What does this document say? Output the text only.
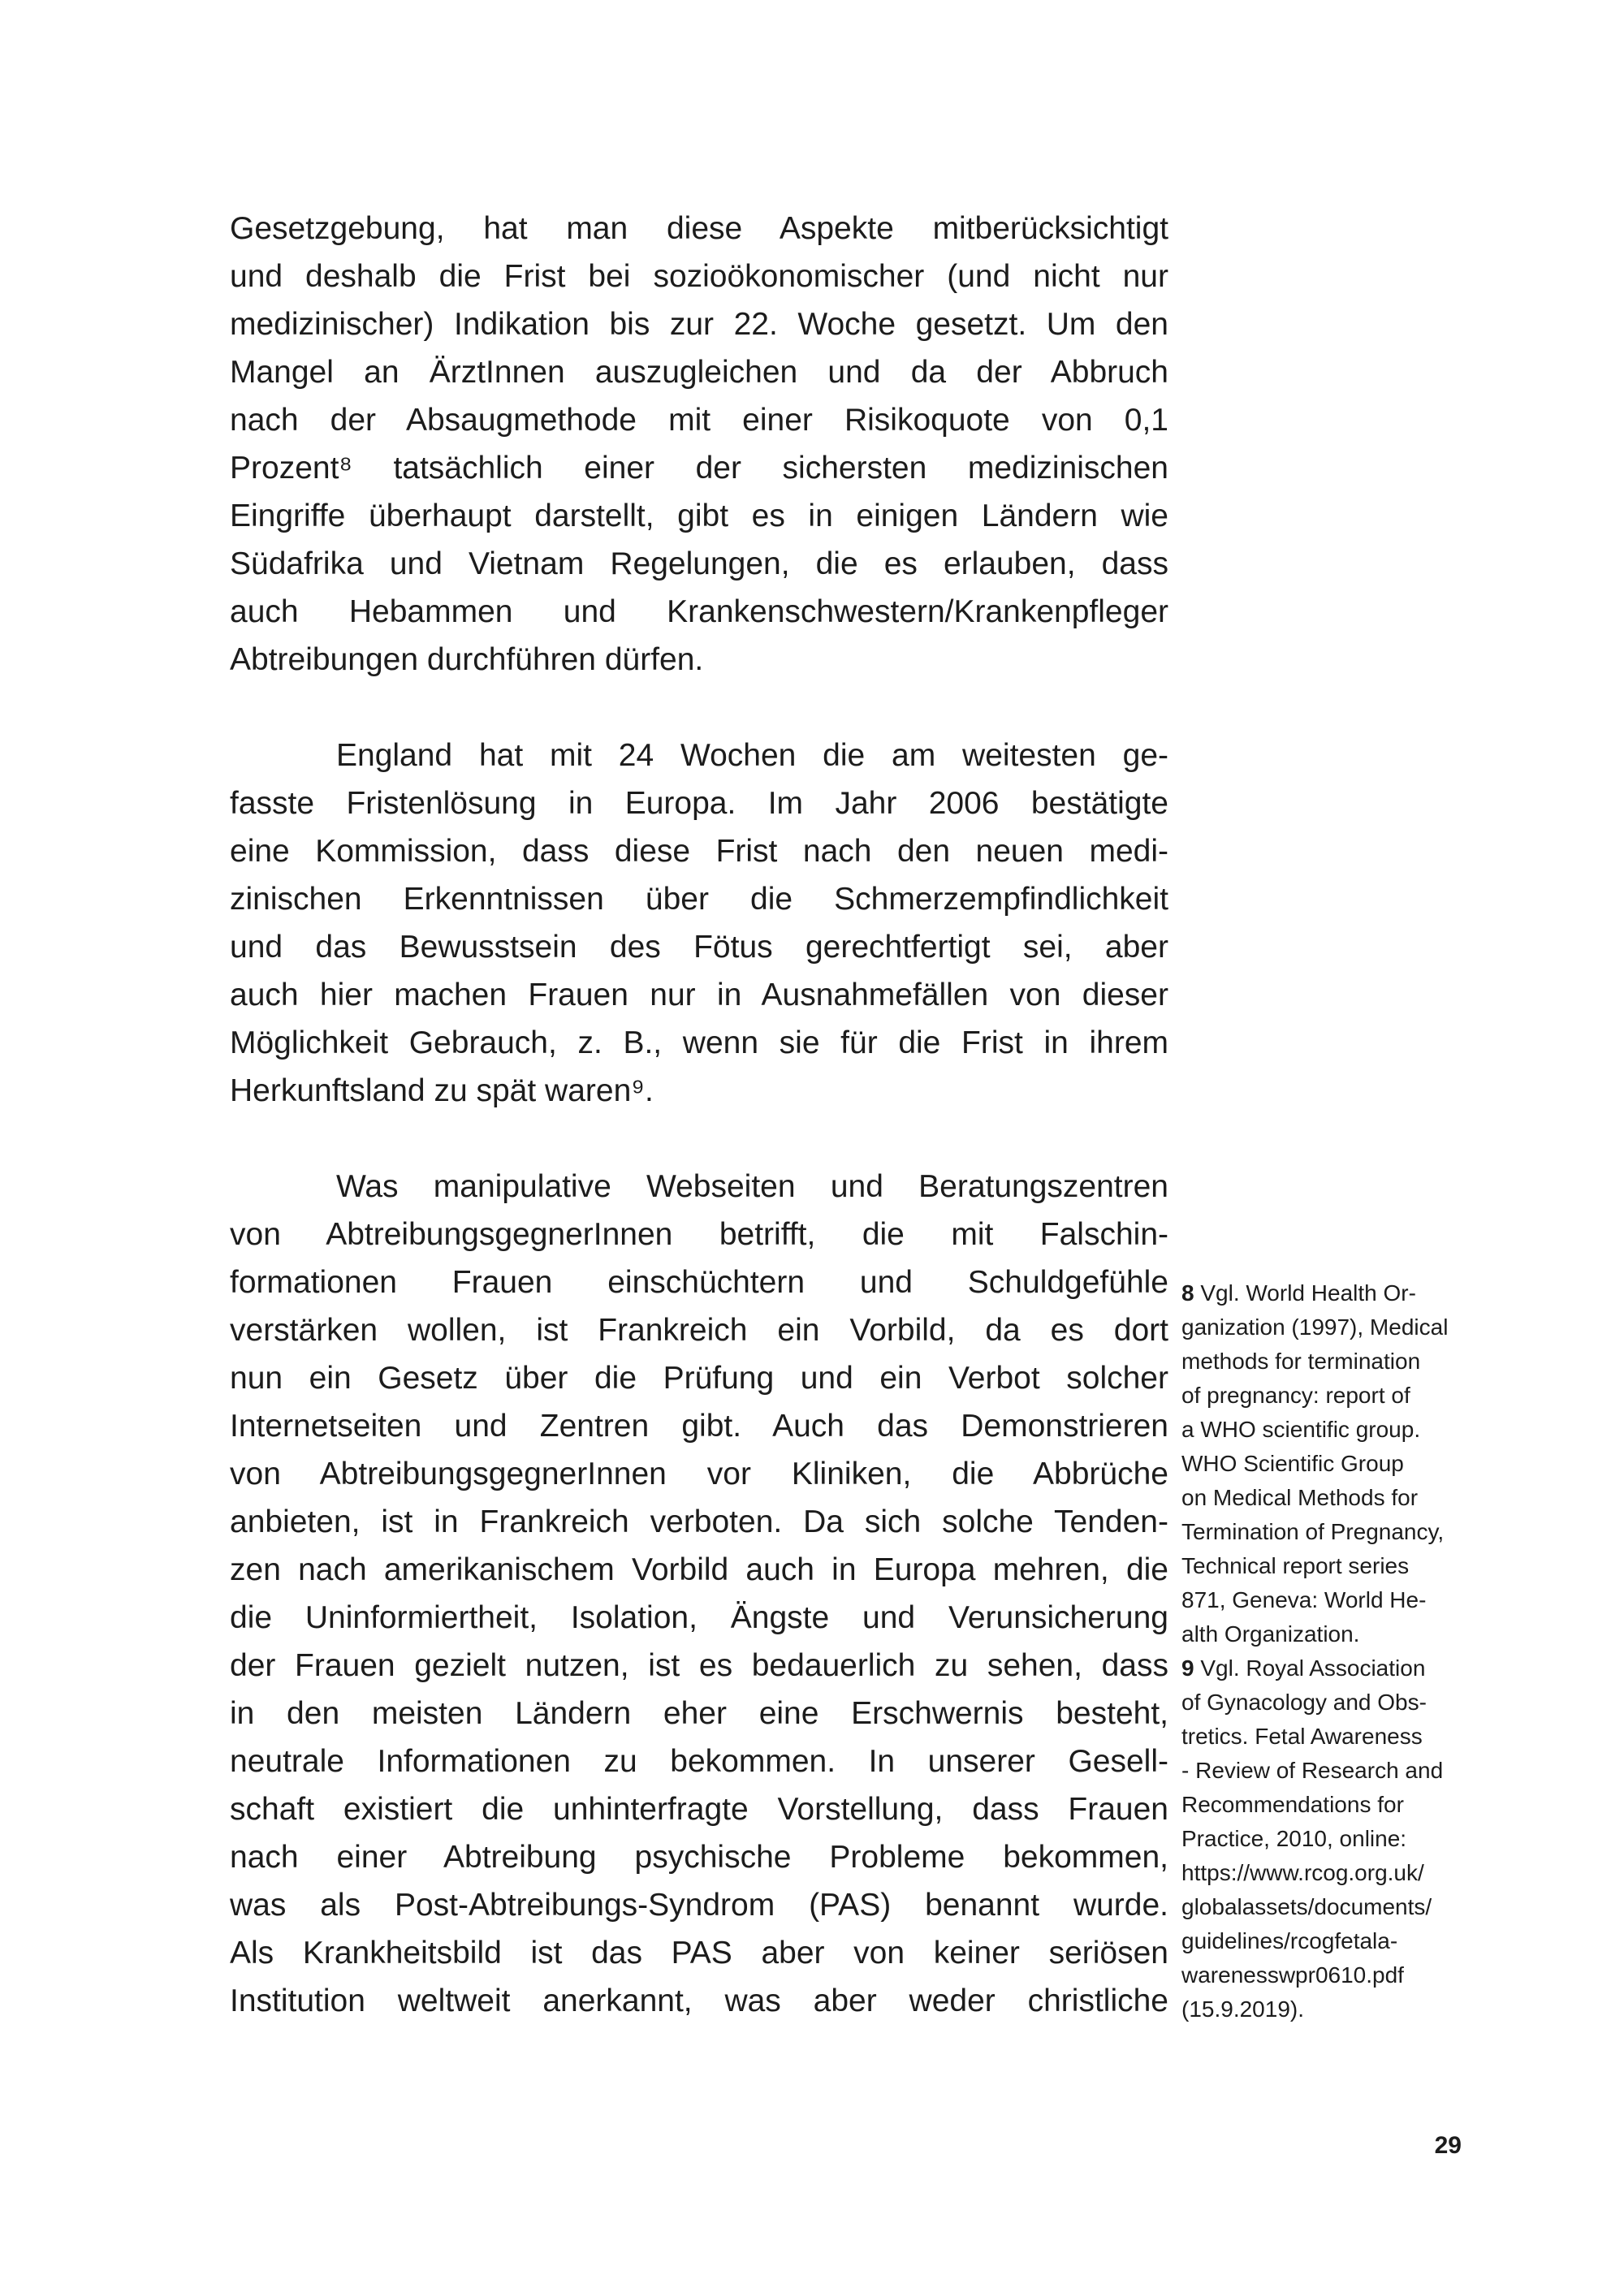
Gesetzgebung, hat man diese Aspekte mitberücksichtigt
und deshalb die Frist bei sozioökonomischer (und nicht nur
medizinischer) Indikation bis zur 22. Woche gesetzt. Um den
Mangel an ÄrztInnen auszugleichen und da der Abbruch
nach der Absaugmethode mit einer Risikoquote von 0,1
Prozent⁸ tatsächlich einer der sichersten medizinischen
Eingriffe überhaupt darstellt, gibt es in einigen Ländern wie
Südafrika und Vietnam Regelungen, die es erlauben, dass
auch Hebammen und Krankenschwestern/Krankenpfleger
Abtreibungen durchführen dürfen.
England hat mit 24 Wochen die am weitesten ge-
fasste Fristenlösung in Europa. Im Jahr 2006 bestätigte
eine Kommission, dass diese Frist nach den neuen medi-
zinischen Erkenntnissen über die Schmerzempfindlichkeit
und das Bewusstsein des Fötus gerechtfertigt sei, aber
auch hier machen Frauen nur in Ausnahmefällen von dieser
Möglichkeit Gebrauch, z. B., wenn sie für die Frist in ihrem
Herkunftsland zu spät waren⁹.
Was manipulative Webseiten und Beratungszentren
von AbtreibungsgegnerInnen betrifft, die mit Falschin-
formationen Frauen einschüchtern und Schuldgefühle
verstärken wollen, ist Frankreich ein Vorbild, da es dort
nun ein Gesetz über die Prüfung und ein Verbot solcher
Internetseiten und Zentren gibt. Auch das Demonstrieren
von AbtreibungsgegnerInnen vor Kliniken, die Abbrüche
anbieten, ist in Frankreich verboten. Da sich solche Tenden-
zen nach amerikanischem Vorbild auch in Europa mehren, die
die Uninformiertheit, Isolation, Ängste und Verunsicherung
der Frauen gezielt nutzen, ist es bedauerlich zu sehen, dass
in den meisten Ländern eher eine Erschwernis besteht,
neutrale Informationen zu bekommen. In unserer Gesell-
schaft existiert die unhinterfragte Vorstellung, dass Frauen
nach einer Abtreibung psychische Probleme bekommen,
was als Post-Abtreibungs-Syndrom (PAS) benannt wurde.
Als Krankheitsbild ist das PAS aber von keiner seriösen
Institution weltweit anerkannt, was aber weder christliche
8 Vgl. World Health Or-
ganization (1997), Medical
methods for termination
of pregnancy: report of
a WHO scientific group.
WHO Scientific Group
on Medical Methods for
Termination of Pregnancy,
Technical report series
871, Geneva: World He-
alth Organization.
9 Vgl. Royal Association
of Gynacology and Obs-
tretics. Fetal Awareness
- Review of Research and
Recommendations for
Practice, 2010, online:
https://www.rcog.org.uk/
globalassets/documents/
guidelines/rcogfetala-
warenesswpr0610.pdf
(15.9.2019).
29
